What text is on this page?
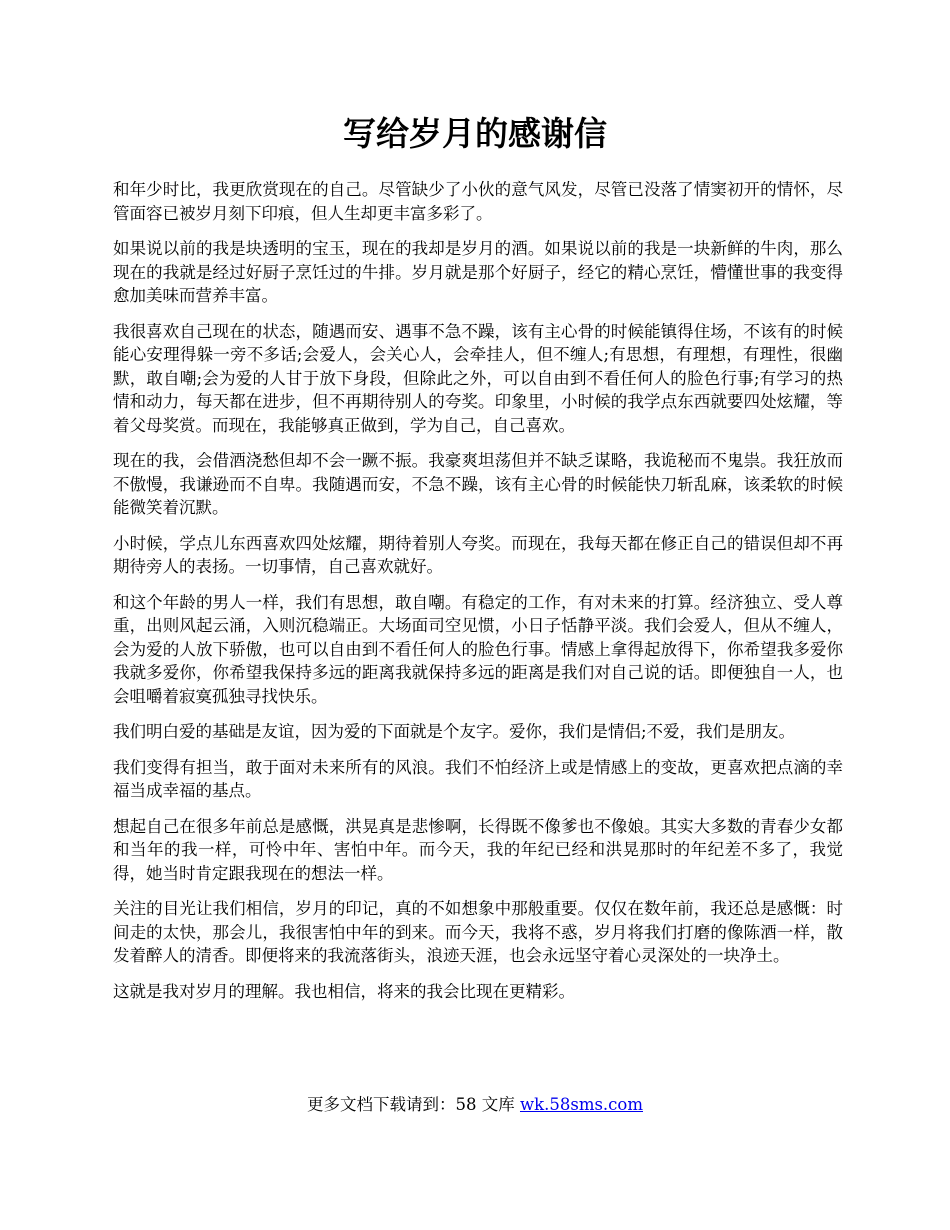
写给岁月的感谢信

和年少时比，我更欣赏现在的自己。尽管缺少了小伙的意气风发，尽管已没落了情窦初开的情怀，尽管面容已被岁月刻下印痕，但人生却更丰富多彩了。

如果说以前的我是块透明的宝玉，现在的我却是岁月的酒。如果说以前的我是一块新鲜的牛肉，那么现在的我就是经过好厨子烹饪过的牛排。岁月就是那个好厨子，经它的精心烹饪，懵懂世事的我变得愈加美味而营养丰富。

我很喜欢自己现在的状态，随遇而安、遇事不急不躁，该有主心骨的时候能镇得住场，不该有的时候能心安理得躲一旁不多话;会爱人，会关心人，会牵挂人，但不缠人;有思想，有理想，有理性，很幽默，敢自嘲;会为爱的人甘于放下身段，但除此之外，可以自由到不看任何人的脸色行事;有学习的热情和动力，每天都在进步，但不再期待别人的夸奖。印象里，小时候的我学点东西就要四处炫耀，等着父母奖赏。而现在，我能够真正做到，学为自己，自己喜欢。

现在的我，会借酒浇愁但却不会一蹶不振。我豪爽坦荡但并不缺乏谋略，我诡秘而不鬼祟。我狂放而不傲慢，我谦逊而不自卑。我随遇而安，不急不躁，该有主心骨的时候能快刀斩乱麻，该柔软的时候能微笑着沉默。

小时候，学点儿东西喜欢四处炫耀，期待着别人夸奖。而现在，我每天都在修正自己的错误但却不再期待旁人的表扬。一切事情，自己喜欢就好。

和这个年龄的男人一样，我们有思想，敢自嘲。有稳定的工作，有对未来的打算。经济独立、受人尊重，出则风起云涌，入则沉稳端正。大场面司空见惯，小日子恬静平淡。我们会爱人，但从不缠人，会为爱的人放下骄傲，也可以自由到不看任何人的脸色行事。情感上拿得起放得下，你希望我多爱你我就多爱你，你希望我保持多远的距离我就保持多远的距离是我们对自己说的话。即便独自一人，也会咀嚼着寂寞孤独寻找快乐。

我们明白爱的基础是友谊，因为爱的下面就是个友字。爱你，我们是情侣;不爱，我们是朋友。

我们变得有担当，敢于面对未来所有的风浪。我们不怕经济上或是情感上的变故，更喜欢把点滴的幸福当成幸福的基点。

想起自己在很多年前总是感慨，洪晃真是悲惨啊，长得既不像爹也不像娘。其实大多数的青春少女都和当年的我一样，可怜中年、害怕中年。而今天，我的年纪已经和洪晃那时的年纪差不多了，我觉得，她当时肯定跟我现在的想法一样。

关注的目光让我们相信，岁月的印记，真的不如想象中那般重要。仅仅在数年前，我还总是感慨：时间走的太快，那会儿，我很害怕中年的到来。而今天，我将不惑，岁月将我们打磨的像陈酒一样，散发着醉人的清香。即便将来的我流落街头，浪迹天涯，也会永远坚守着心灵深处的一块净土。

这就是我对岁月的理解。我也相信，将来的我会比现在更精彩。

更多文档下载请到：58 文库 wk.58sms.com
